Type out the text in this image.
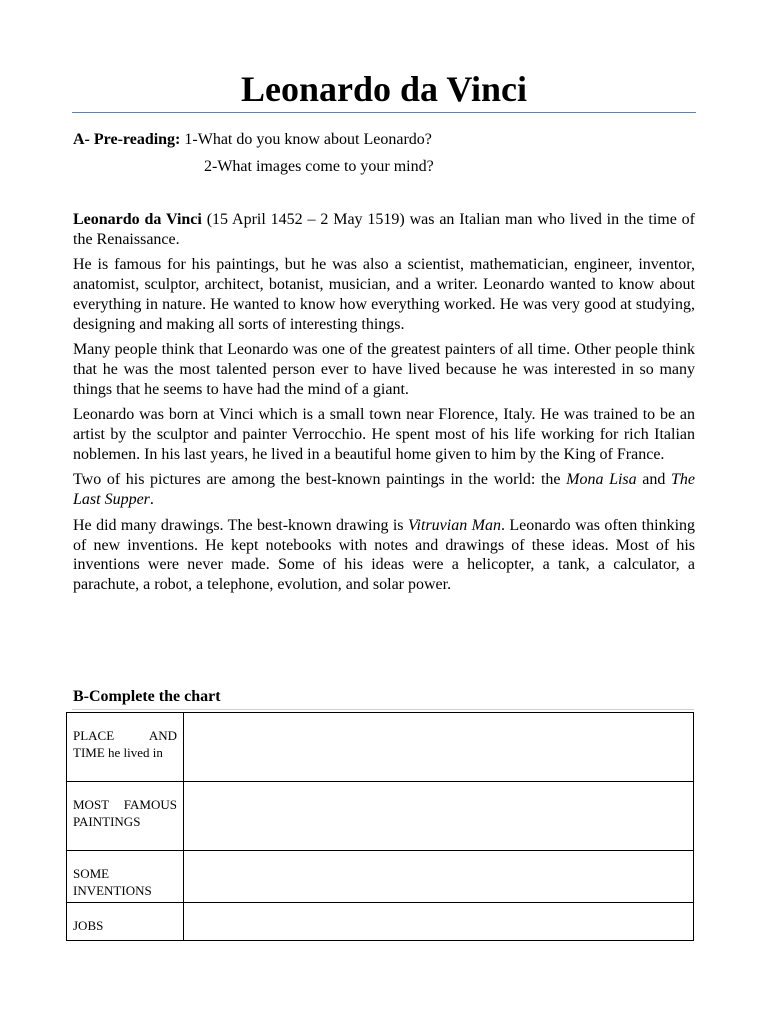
Leonardo da Vinci
A- Pre-reading: 1-What do you know about Leonardo?
2-What images come to your mind?

Leonardo da Vinci (15 April 1452 – 2 May 1519) was an Italian man who lived in the time of the Renaissance.

He is famous for his paintings, but he was also a scientist, mathematician, engineer, inventor, anatomist, sculptor, architect, botanist, musician, and a writer. Leonardo wanted to know about everything in nature. He wanted to know how everything worked. He was very good at studying, designing and making all sorts of interesting things.

Many people think that Leonardo was one of the greatest painters of all time. Other people think that he was the most talented person ever to have lived because he was interested in so many things that he seems to have had the mind of a giant.

Leonardo was born at Vinci which is a small town near Florence, Italy. He was trained to be an artist by the sculptor and painter Verrocchio. He spent most of his life working for rich Italian noblemen. In his last years, he lived in a beautiful home given to him by the King of France.

Two of his pictures are among the best-known paintings in the world: the Mona Lisa and The Last Supper.

He did many drawings. The best-known drawing is Vitruvian Man. Leonardo was often thinking of new inventions. He kept notebooks with notes and drawings of these ideas. Most of his inventions were never made. Some of his ideas were a helicopter, a tank, a calculator, a parachute, a robot, a telephone, evolution, and solar power.

B-Complete the chart
PLACE AND TIME he lived in	
MOST FAMOUS PAINTINGS	
SOME INVENTIONS	
JOBS	
